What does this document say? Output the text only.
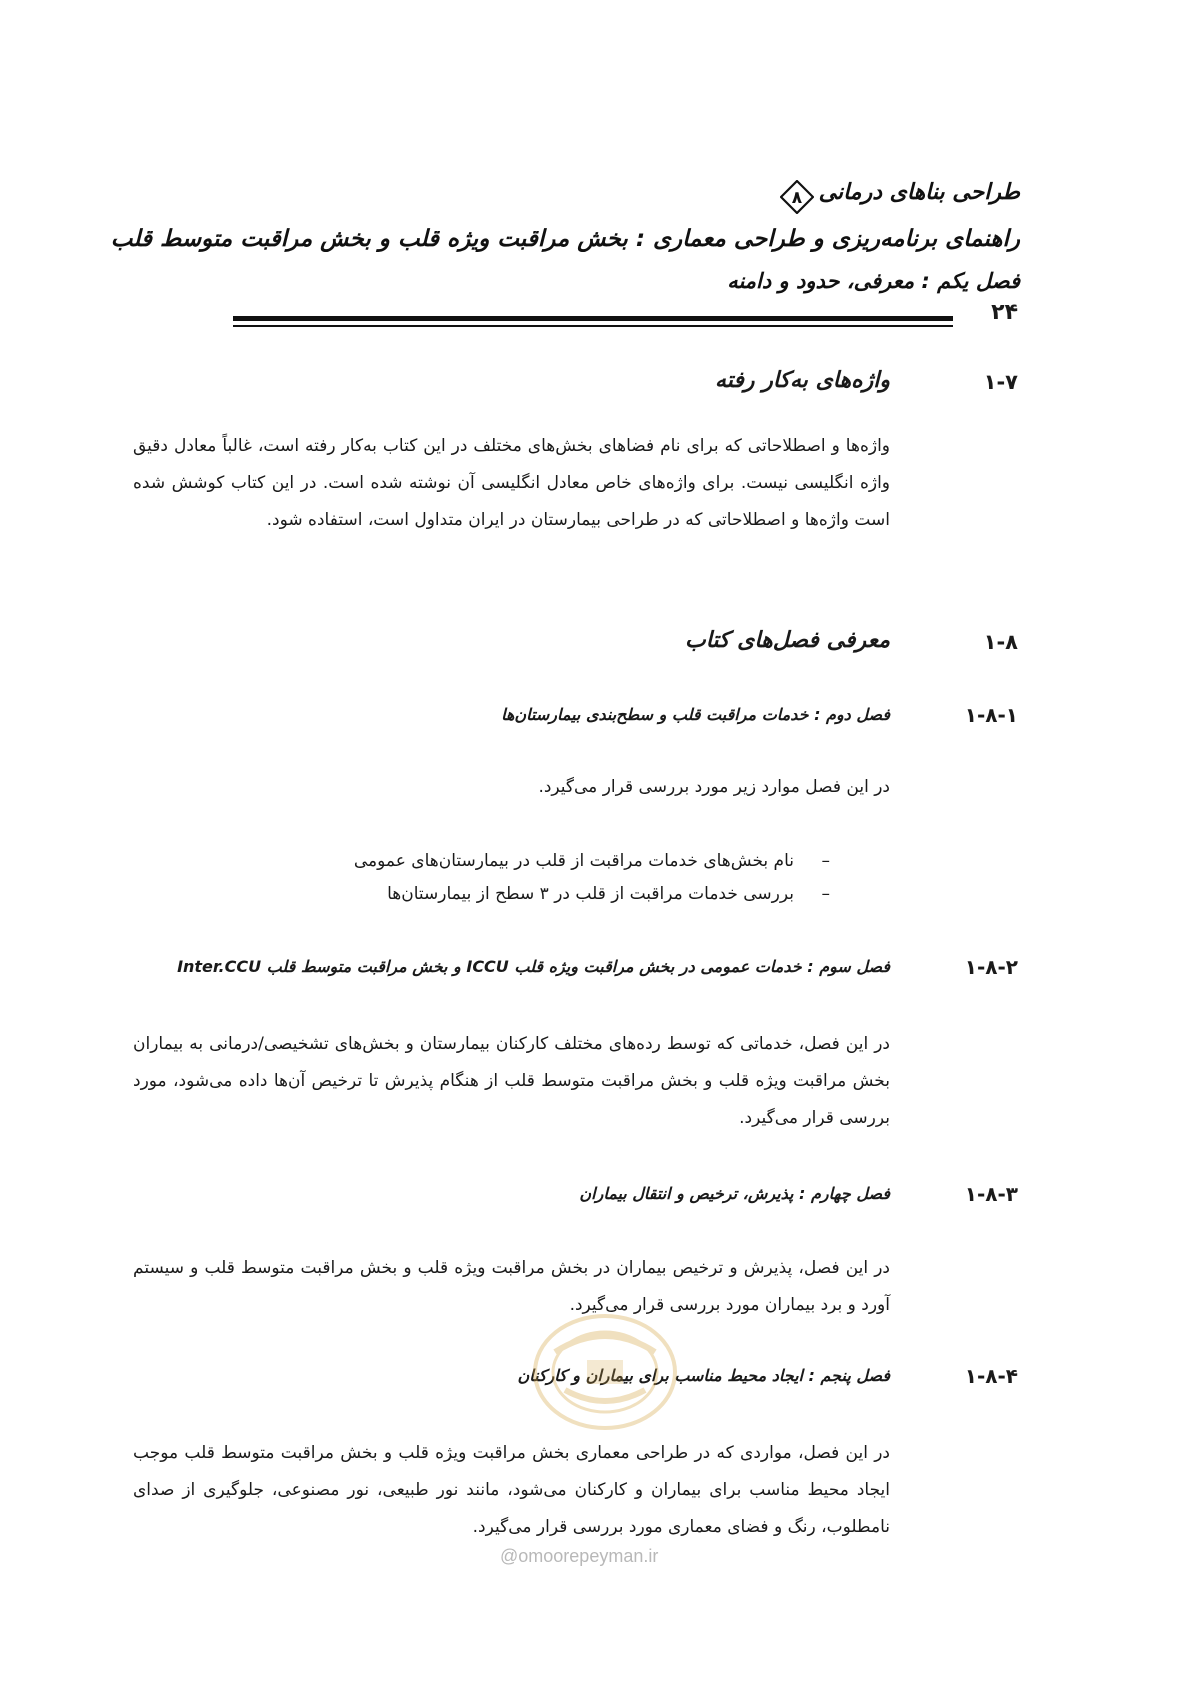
طراحی بناهای درمانی
۸
راهنمای برنامه‌ریزی و طراحی معماری : بخش مراقبت ویژه قلب و بخش مراقبت متوسط قلب
فصل یکم : معرفی، حدود و دامنه
۲۴
۱-۷
واژه‌های به‌کار رفته

واژه‌ها و اصطلاحاتی که برای نام فضاهای بخش‌های مختلف در این کتاب به‌کار رفته است، غالباً معادل دقیق واژه انگلیسی نیست. برای واژه‌های خاص معادل انگلیسی آن نوشته شده است. در این کتاب کوشش شده است واژه‌ها و اصطلاحاتی که در طراحی بیمارستان در ایران متداول است، استفاده شود.

۱-۸
معرفی فصل‌های کتاب
۱-۸-۱
فصل دوم : خدمات مراقبت قلب و سطح‌بندی بیمارستان‌ها
در این فصل موارد زیر مورد بررسی قرار می‌گیرد.
–
نام بخش‌های خدمات مراقبت از قلب در بیمارستان‌های عمومی
–
بررسی خدمات مراقبت از قلب در ۳ سطح از بیمارستان‌ها
۱-۸-۲
فصل سوم : خدمات عمومی در بخش مراقبت ویژه قلب ICCU و بخش مراقبت متوسط قلب Inter.CCU

در این فصل، خدماتی که توسط رده‌های مختلف کارکنان بیمارستان و بخش‌های تشخیصی/درمانی به بیماران بخش مراقبت ویژه قلب و بخش مراقبت متوسط قلب از هنگام پذیرش تا ترخیص آن‌ها داده می‌شود، مورد بررسی قرار می‌گیرد.

۱-۸-۳
فصل چهارم : پذیرش، ترخیص و انتقال بیماران

در این فصل، پذیرش و ترخیص بیماران در بخش مراقبت ویژه قلب و بخش مراقبت متوسط قلب و سیستم آورد و برد بیماران مورد بررسی قرار می‌گیرد.

۱-۸-۴
فصل پنجم : ایجاد محیط مناسب برای بیماران و کارکنان

در این فصل، مواردی که در طراحی معماری بخش مراقبت ویژه قلب و بخش مراقبت متوسط قلب موجب ایجاد محیط مناسب برای بیماران و کارکنان می‌شود، مانند نور طبیعی، نور مصنوعی، جلوگیری از صدای نامطلوب، رنگ و فضای معماری مورد بررسی قرار می‌گیرد.

@omoorepeyman.ir
